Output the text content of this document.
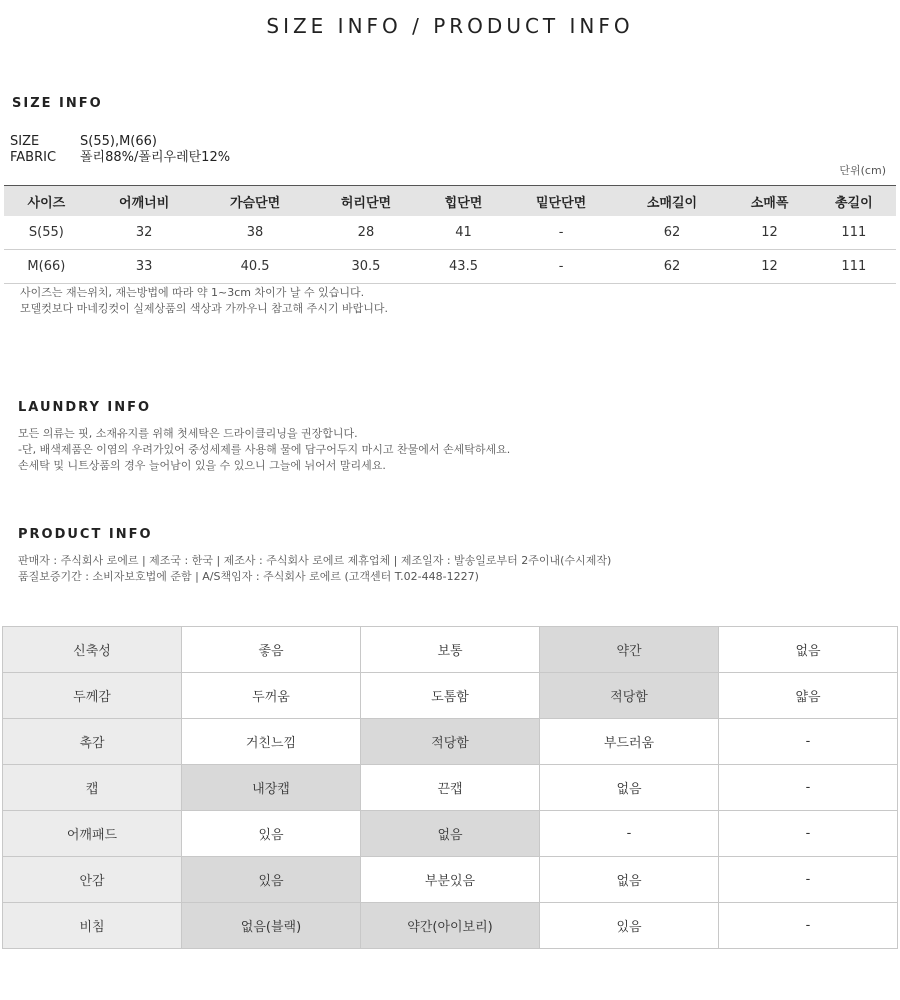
SIZE INFO / PRODUCT INFO
SIZE INFO
SIZE	S(55),M(66)
FABRIC 폴리88%/폴리우레탄12%
단위(cm)
사이즈	어깨너비	가슴단면	허리단면	힙단면	밑단단면	소매길이	소매폭	총길이
S(55)	32	38	28	41	-	62	12	111
M(66)	33	40.5	30.5	43.5	-	62	12	111
사이즈는 재는위치, 재는방법에 따라 약 1~3cm 차이가 날 수 있습니다.
모델컷보다 마네킹컷이 실제상품의 색상과 가까우니 참고해 주시기 바랍니다.
LAUNDRY INFO
모든 의류는 핏, 소재유지를 위해 첫세탁은 드라이클리닝을 권장합니다.
-단, 배색제품은 이염의 우려가있어 중성세제를 사용해 물에 담구어두지 마시고 찬물에서 손세탁하세요.
손세탁 및 니트상품의 경우 늘어남이 있을 수 있으니 그늘에 뉘어서 말리세요.
PRODUCT INFO
판매자 : 주식회사 로에르 | 제조국 : 한국 | 제조사 : 주식회사 로에르 제휴업체 | 제조일자 : 발송일로부터 2주이내(수시제작)
품질보증기간 : 소비자보호법에 준함 | A/S책임자 : 주식회사 로에르 (고객센터 T.02-448-1227)
신축성	좋음	보통	약간	없음
두께감	두꺼움	도톰함	적당함	얇음
촉감	거친느낌	적당함	부드러움	-
캡	내장캡	끈캡	없음	-
어깨패드	있음	없음	-	-
안감	있음	부분있음	없음	-
비침	없음(블랙)	약간(아이보리)	있음	-
